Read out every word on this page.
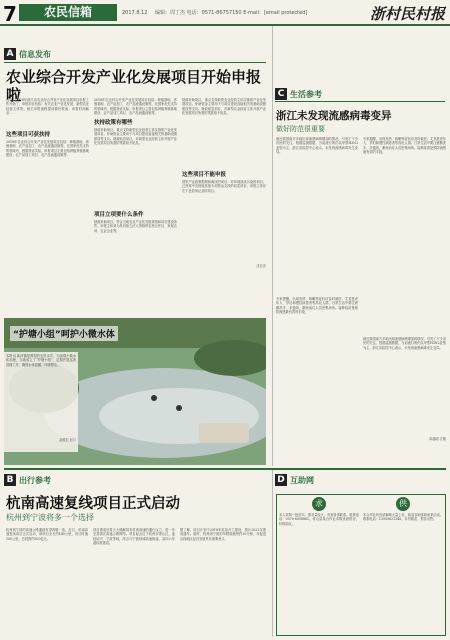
7	农民信箱	2017.8.12 编辑：周丁杰 电话：0571-86757150 E-mail：[email protected]	浙村民村报
A 信息发布
农业综合开发产业化发展项目开始申报啦
近日，2018年浙江省农业综合开发产业化发展项目申报工作开始了，申报项目包括：有关农业产业化发展、新型农业经营主体等。相关申报流程提前做好准备，申报时间截至……
这些项目可获扶持
2018年农业综合开发产业化发展项目包括：种植基地、养殖基地、农产品加工、农产品流通设施等。在国家优先支持的领域内，根据我省实际，申报项目主要包括种植养殖基地建设、农产品加工项目、农产品流通设施等。
2018年农业综合开发产业化发展项目包括：种植基地、养殖基地、农产品加工、农产品流通设施等。在国家优先支持的领域内，根据我省实际，申报项目主要包括种植养殖基地建设、农产品加工项目、农产品流通设施等。
扶持政策有哪些
财政补助项目，重点支持新型农业经营主体实施的产业化发展项目。补助资金主要用于与项目建设直接相关的基础设施建设等支出。财政贴息项目，对新型农业经营主体开展产业化发展项目所需的贷款给予贴息。
项目立项要什么条件
财政补助项目，符合当地农业产业化发展规划和项目建设条件。申报主体须为具有独立法人资格的农民合作社、家庭农场、农业企业等。
财政补助项目，重点支持新型农业经营主体实施的产业化发展项目。补助资金主要用于与项目建设直接相关的基础设施建设等支出。财政贴息项目，对新型农业经营主体开展产业化发展项目所需的贷款给予贴息。
这些项目不能申报
国家产业政策限制和淘汰的项目；对环境造成污染的项目；已获得中央财政其他专项资金支持的同类项目；申报主体存在不良信用记录的项目。
沈宏办
“护塘小组”呵护小微水体
本报讯 新河镇是典型的农村水乡，为加强小微水体治理，当地成立了“护塘小组”，定期开展巡查清理工作，确保水体清澈、环境整洁。
金振宏 赵月
C 生活参考
浙江未发现流感病毒变异
做好防范很重要
最近我国南方多地出现流感病例增加的情况，引发了不少市民的关注。根据监测数据，当前流行的仍以甲型H3N2亚型为主，浙江省疾控中心表示，未发现流感病毒发生变异。
专家提醒，出现发热、咳嗽等症状应及时就医，尤其是老年人、孕妇和慢性病患者等高危人群。日常生活中要注意勤洗手、多通风，避免前往人员密集场所。接种疫苗是预防流感最有效的手段。
专家提醒，出现发热、咳嗽等症状应及时就医，尤其是老年人、孕妇和慢性病患者等高危人群。日常生活中要注意勤洗手、多通风，避免前往人员密集场所。接种疫苗是预防流感最有效的手段。
最近我国南方多地出现流感病例增加的情况，引发了不少市民的关注。根据监测数据，当前流行的仍以甲型H3N2亚型为主，浙江省疾控中心表示，未发现流感病毒发生变异。
卓福明 江敏
B 出行参考
杭南高速复线项目正式启动
杭州到宁波将多一个选择
杭州到宁波的高速公路通道有望再增一条。近日，杭南高速复线项目正式启动，该项目全长约145公里，设计时速100公里，总投资约300亿元。
项目建成后将大大缓解现有杭甬高速的通行压力，进一步完善浙江高速公路网络。项目起点位于杭州市萧山区，途经绍兴、宁波等地，终点与宁波绕城高速相接，双向六车道标准建设。
据了解，项目计划于2018年底前开工建设，预计2022年建成通车。届时，杭州到宁波的车程将缩短约20分钟，对促进沿线地区经济发展具有重要意义。
D 互助网
求
本人求购一批苗木，需求量较大，有意者请联系。联系电话：0570-6058861。常山县某合作社求购优质稻谷，价格面议。
供
本合作社有优质葡萄大量上市，欢迎各地客商前来洽谈。联系电话：13955621345。另有桃苗、梨苗出售。
